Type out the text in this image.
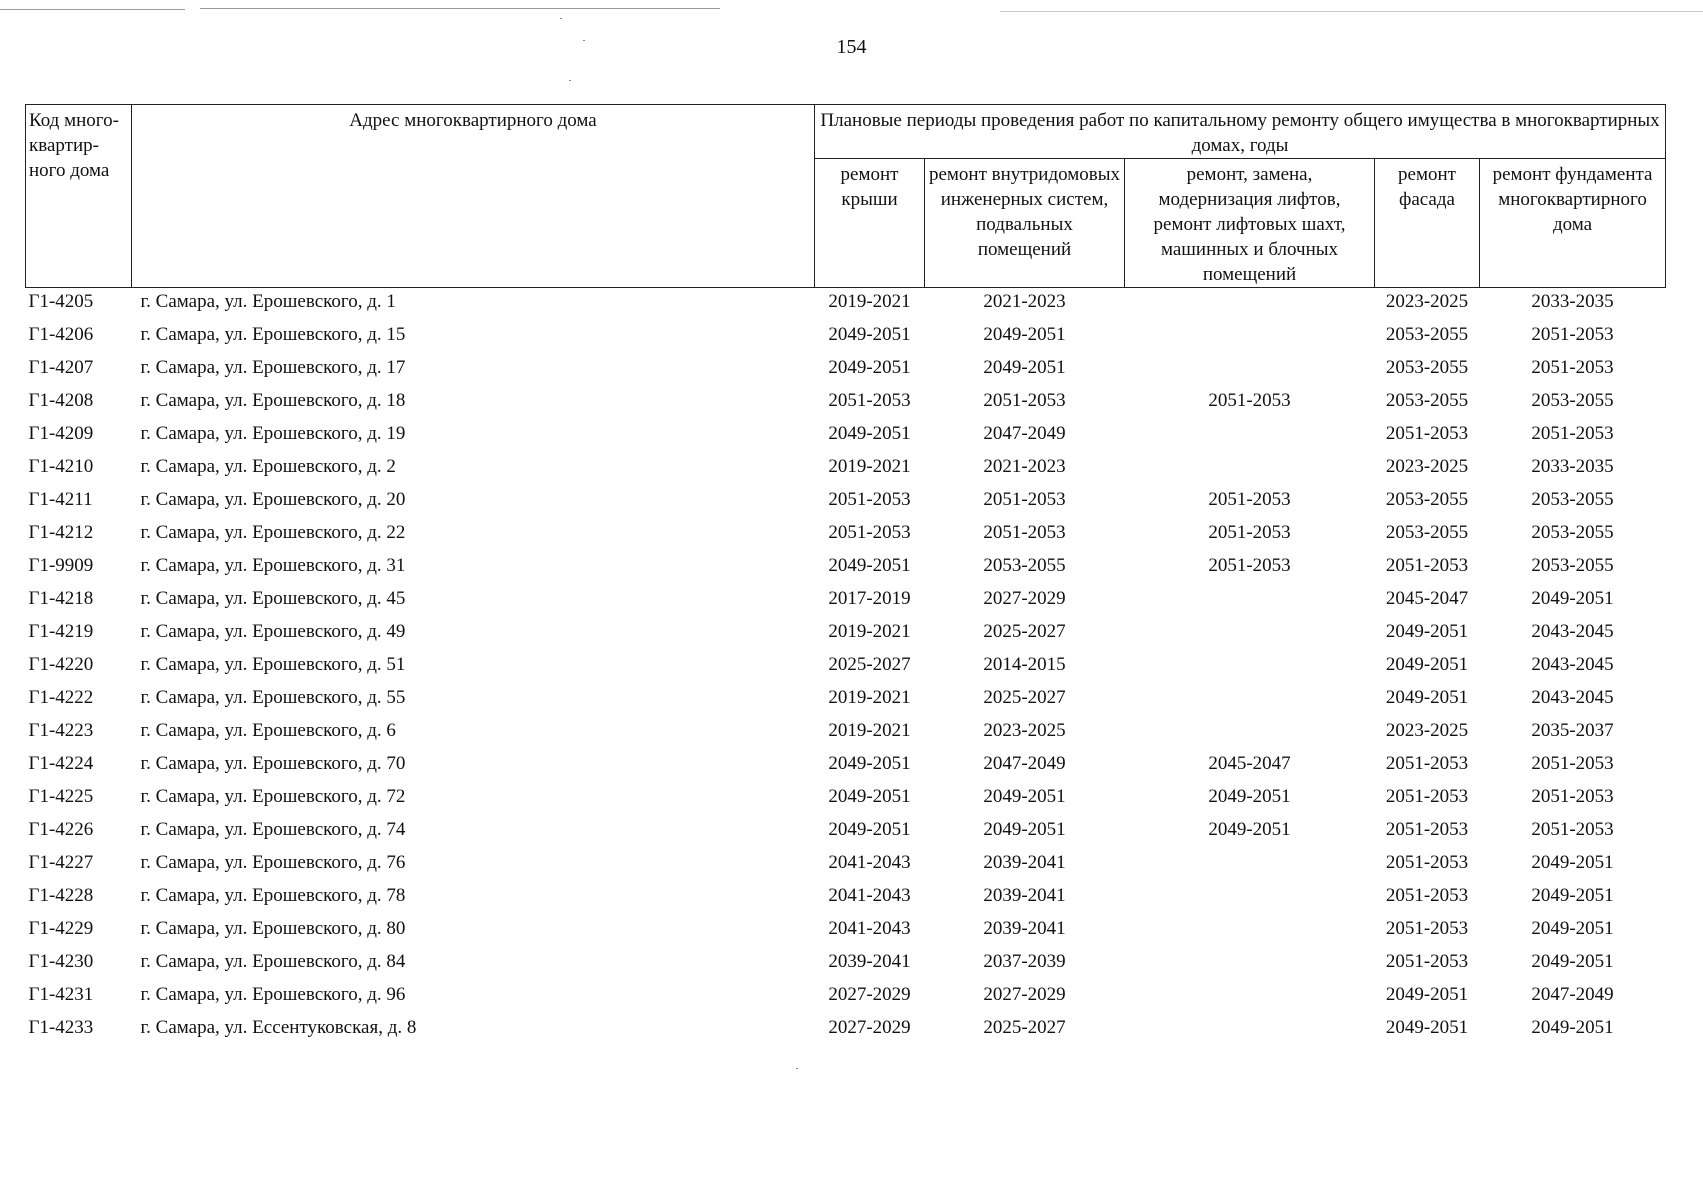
154
Код много-квартир-ного дома	Адрес многоквартирного дома	Плановые периоды проведения работ по капитальному ремонту общего имущества в многоквартирных домах, годы				
		ремонт крыши	ремонт внутридомовых инженерных систем, подвальных помещений	ремонт, замена, модернизация лифтов, ремонт лифтовых шахт, машинных и блочных помещений	ремонт фасада	ремонт фундамента многоквартирного дома
Г1-4205	г. Самара, ул. Ерошевского, д. 1	2019-2021	2021-2023		2023-2025	2033-2035
Г1-4206	г. Самара, ул. Ерошевского, д. 15	2049-2051	2049-2051		2053-2055	2051-2053
Г1-4207	г. Самара, ул. Ерошевского, д. 17	2049-2051	2049-2051		2053-2055	2051-2053
Г1-4208	г. Самара, ул. Ерошевского, д. 18	2051-2053	2051-2053	2051-2053	2053-2055	2053-2055
Г1-4209	г. Самара, ул. Ерошевского, д. 19	2049-2051	2047-2049		2051-2053	2051-2053
Г1-4210	г. Самара, ул. Ерошевского, д. 2	2019-2021	2021-2023		2023-2025	2033-2035
Г1-4211	г. Самара, ул. Ерошевского, д. 20	2051-2053	2051-2053	2051-2053	2053-2055	2053-2055
Г1-4212	г. Самара, ул. Ерошевского, д. 22	2051-2053	2051-2053	2051-2053	2053-2055	2053-2055
Г1-9909	г. Самара, ул. Ерошевского, д. 31	2049-2051	2053-2055	2051-2053	2051-2053	2053-2055
Г1-4218	г. Самара, ул. Ерошевского, д. 45	2017-2019	2027-2029		2045-2047	2049-2051
Г1-4219	г. Самара, ул. Ерошевского, д. 49	2019-2021	2025-2027		2049-2051	2043-2045
Г1-4220	г. Самара, ул. Ерошевского, д. 51	2025-2027	2014-2015		2049-2051	2043-2045
Г1-4222	г. Самара, ул. Ерошевского, д. 55	2019-2021	2025-2027		2049-2051	2043-2045
Г1-4223	г. Самара, ул. Ерошевского, д. 6	2019-2021	2023-2025		2023-2025	2035-2037
Г1-4224	г. Самара, ул. Ерошевского, д. 70	2049-2051	2047-2049	2045-2047	2051-2053	2051-2053
Г1-4225	г. Самара, ул. Ерошевского, д. 72	2049-2051	2049-2051	2049-2051	2051-2053	2051-2053
Г1-4226	г. Самара, ул. Ерошевского, д. 74	2049-2051	2049-2051	2049-2051	2051-2053	2051-2053
Г1-4227	г. Самара, ул. Ерошевского, д. 76	2041-2043	2039-2041		2051-2053	2049-2051
Г1-4228	г. Самара, ул. Ерошевского, д. 78	2041-2043	2039-2041		2051-2053	2049-2051
Г1-4229	г. Самара, ул. Ерошевского, д. 80	2041-2043	2039-2041		2051-2053	2049-2051
Г1-4230	г. Самара, ул. Ерошевского, д. 84	2039-2041	2037-2039		2051-2053	2049-2051
Г1-4231	г. Самара, ул. Ерошевского, д. 96	2027-2029	2027-2029		2049-2051	2047-2049
Г1-4233	г. Самара, ул. Ессентуковская, д. 8	2027-2029	2025-2027		2049-2051	2049-2051
